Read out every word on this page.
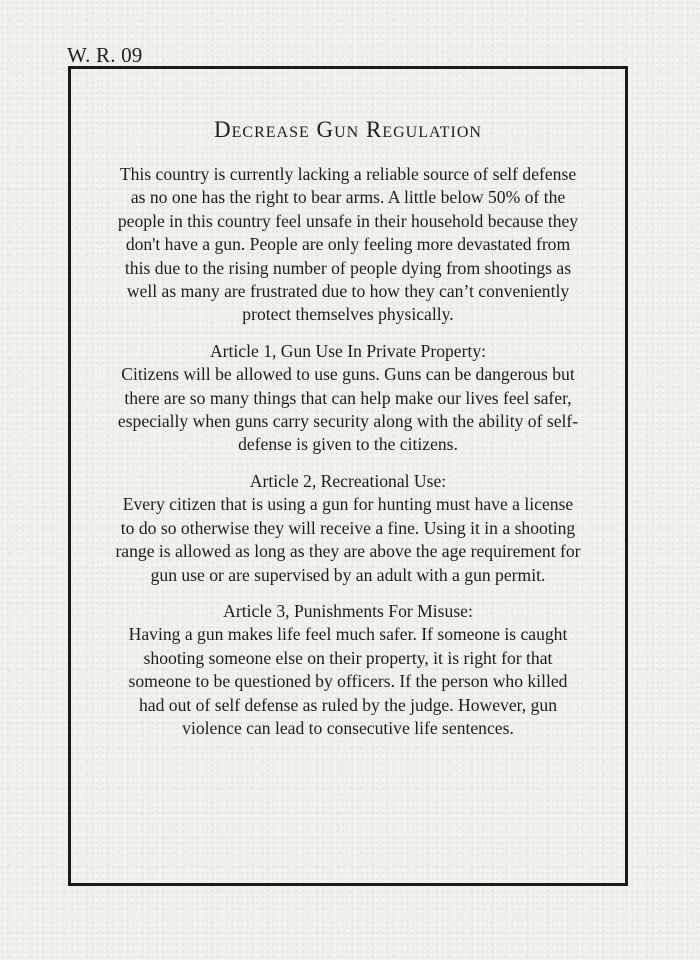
W. R. 09
Decrease Gun Regulation

This country is currently lacking a reliable source of self defense as no one has the right to bear arms. A little below 50% of the people in this country feel unsafe in their household because they don't have a gun. People are only feeling more devastated from this due to the rising number of people dying from shootings as well as many are frustrated due to how they can’t conveniently protect themselves physically.

Article 1, Gun Use In Private Property:
Citizens will be allowed to use guns. Guns can be dangerous but there are so many things that can help make our lives feel safer, especially when guns carry security along with the ability of self-defense is given to the citizens.
Article 2, Recreational Use:
Every citizen that is using a gun for hunting must have a license to do so otherwise they will receive a fine. Using it in a shooting range is allowed as long as they are above the age requirement for gun use or are supervised by an adult with a gun permit.
Article 3, Punishments For Misuse:
Having a gun makes life feel much safer. If someone is caught shooting someone else on their property, it is right for that someone to be questioned by officers. If the person who killed had out of self defense as ruled by the judge. However, gun violence can lead to consecutive life sentences.
